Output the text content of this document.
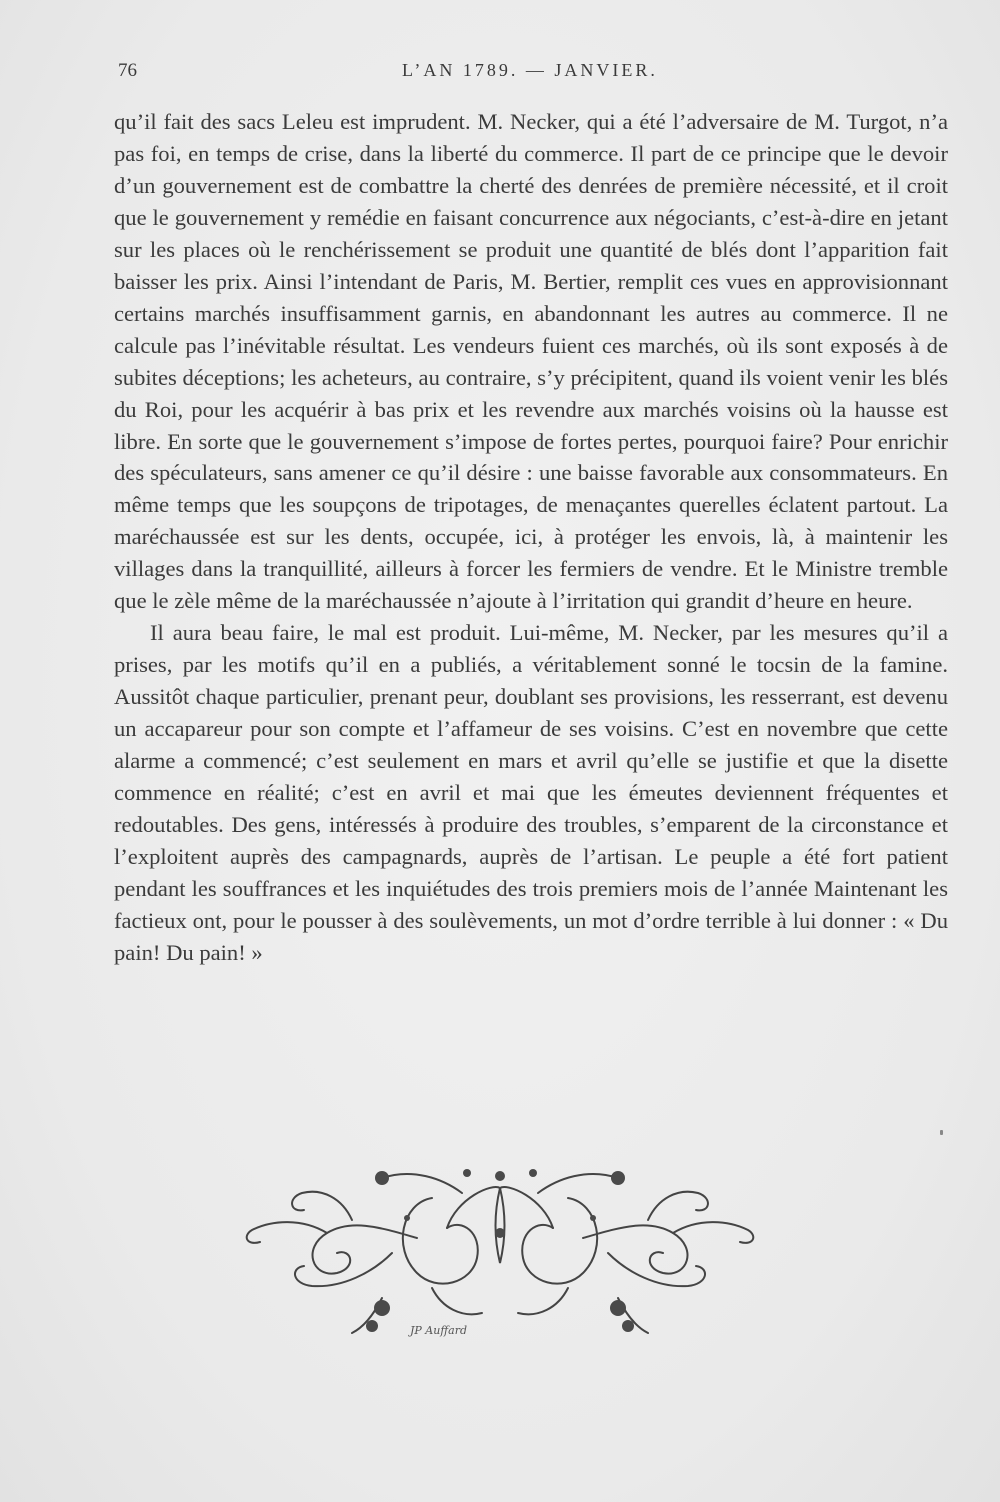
76	L’AN 1789. — JANVIER.

qu’il fait des sacs Leleu est imprudent. M. Necker, qui a été l’adversaire de M. Turgot, n’a pas foi, en temps de crise, dans la liberté du commerce. Il part de ce principe que le devoir d’un gouvernement est de combattre la cherté des denrées de première nécessité, et il croit que le gouvernement y remédie en faisant concurrence aux négociants, c’est-à-dire en jetant sur les places où le renchérissement se produit une quantité de blés dont l’apparition fait baisser les prix. Ainsi l’intendant de Paris, M. Bertier, remplit ces vues en approvisionnant certains marchés insuffisamment garnis, en abandonnant les autres au commerce. Il ne calcule pas l’inévitable résultat. Les vendeurs fuient ces marchés, où ils sont exposés à de subites déceptions; les acheteurs, au contraire, s’y précipitent, quand ils voient venir les blés du Roi, pour les acquérir à bas prix et les revendre aux marchés voisins où la hausse est libre. En sorte que le gouvernement s’impose de fortes pertes, pourquoi faire? Pour enrichir des spéculateurs, sans amener ce qu’il désire : une baisse favorable aux consommateurs. En même temps que les soupçons de tripotages, de menaçantes querelles éclatent partout. La maréchaussée est sur les dents, occupée, ici, à protéger les envois, là, à maintenir les villages dans la tranquillité, ailleurs à forcer les fermiers de vendre. Et le Ministre tremble que le zèle même de la maréchaussée n’ajoute à l’irritation qui grandit d’heure en heure.

Il aura beau faire, le mal est produit. Lui-même, M. Necker, par les mesures qu’il a prises, par les motifs qu’il en a publiés, a véritablement sonné le tocsin de la famine. Aussitôt chaque particulier, prenant peur, doublant ses provisions, les resserrant, est devenu un accapareur pour son compte et l’affameur de ses voisins. C’est en novembre que cette alarme a commencé; c’est seulement en mars et avril qu’elle se justifie et que la disette commence en réalité; c’est en avril et mai que les émeutes deviennent fréquentes et redoutables. Des gens, intéressés à produire des troubles, s’emparent de la circonstance et l’exploitent auprès des campagnards, auprès de l’artisan. Le peuple a été fort patient pendant les souffrances et les inquiétudes des trois premiers mois de l’année Maintenant les factieux ont, pour le pousser à des soulèvements, un mot d’ordre terrible à lui donner : « Du pain! Du pain! »

JP Auffard
